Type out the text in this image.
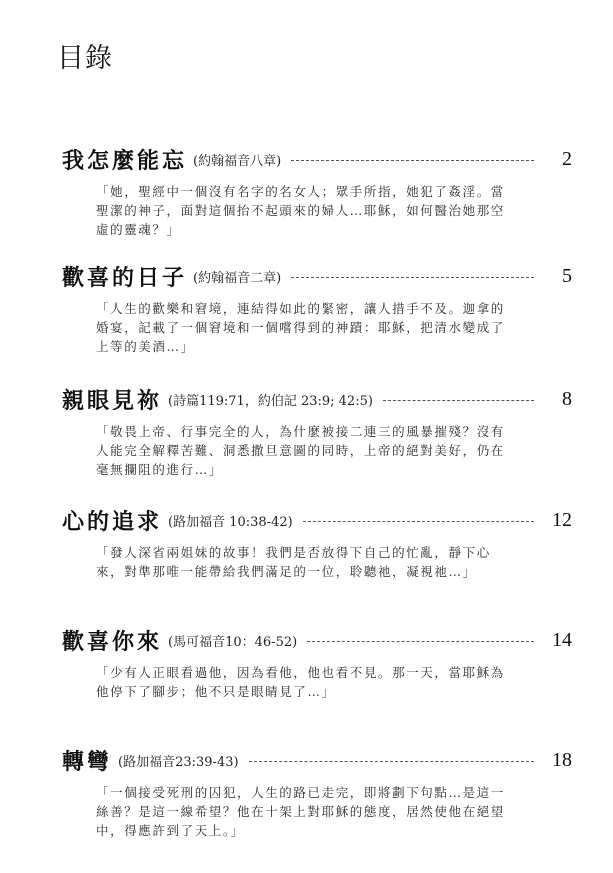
目錄
我怎麼能忘 (約翰福音八章)	2
「她，聖經中一個沒有名字的名女人；眾手所指，她犯了姦淫。當聖潔的神子，面對這個抬不起頭來的婦人…耶穌，如何醫治她那空虛的靈魂？」
歡喜的日子 (約翰福音二章)	5
「人生的歡樂和窘境，連結得如此的緊密，讓人措手不及。迦拿的婚宴，記載了一個窘境和一個嚐得到的神蹟：耶穌，把清水變成了上等的美酒…」
親眼見祢 (詩篇119:71，約伯記 23:9; 42:5)	8
「敬畏上帝、行事完全的人，為什麼被接二連三的風暴摧殘？沒有人能完全解釋苦難、洞悉撒旦意圖的同時，上帝的絕對美好，仍在毫無攔阻的進行…」
心的追求 (路加福音 10:38-42)	12
「發人深省兩姐妹的故事！我們是否放得下自己的忙亂，靜下心來，對準那唯一能帶給我們滿足的一位，聆聽祂，凝視祂…」
歡喜你來 (馬可福音10：46-52)	14
「少有人正眼看過他，因為看他，他也看不見。那一天，當耶穌為他停下了腳步；他不只是眼睛見了…」
轉彎 (路加福音23:39-43)	18
「一個接受死刑的囚犯，人生的路已走完，即將劃下句點…是這一絲善？是這一線希望？他在十架上對耶穌的態度，居然使他在絕望中，得應許到了天上。」
